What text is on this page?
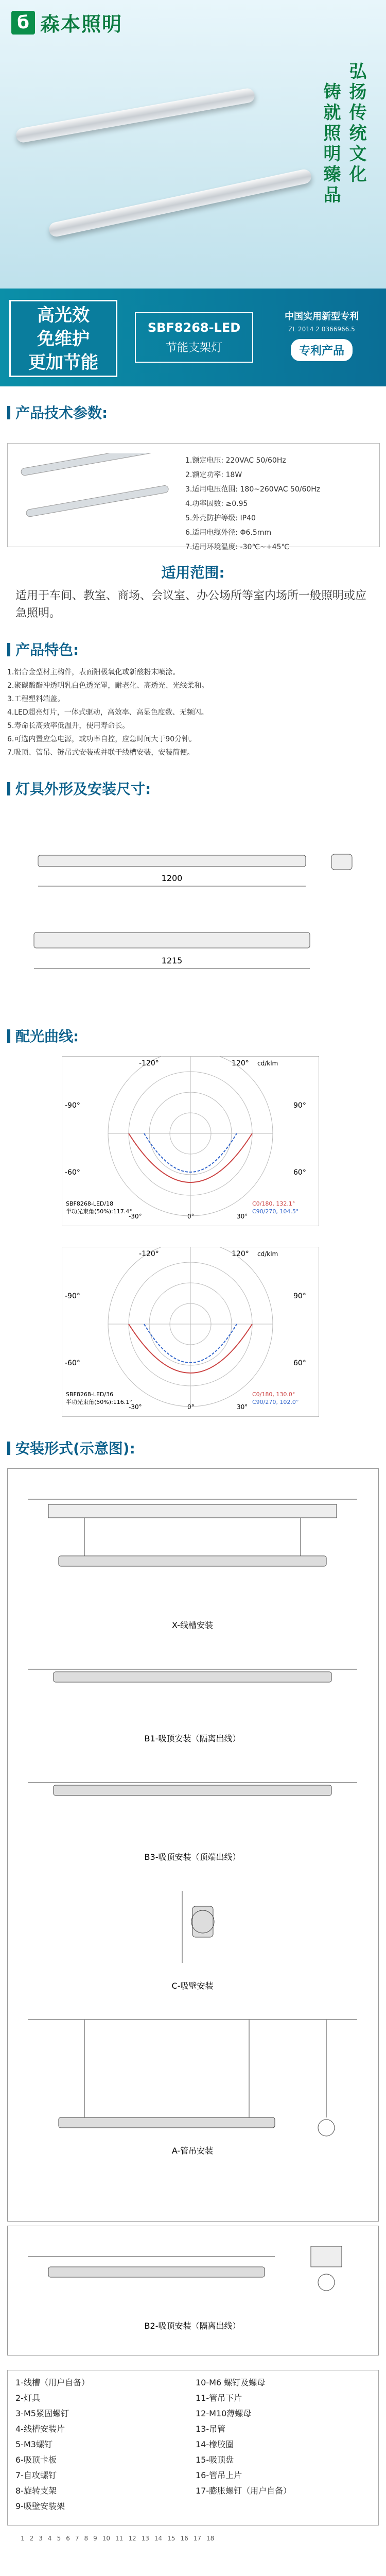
б 森本照明
弘扬传统文化
铸就照明臻品
高光效
免维护
更加节能
SBF8268-LED
节能支架灯
中国实用新型专利
ZL 2014 2 0366966.5
专利产品
产品技术参数:
1.额定电压: 220VAC 50/60Hz
2.额定功率: 18W
3.适用电压范围: 180~260VAC 50/60Hz
4.功率因数: ≥0.95
5.外壳防护等级: IP40
6.适用电缆外径: Φ6.5mm
7.适用环境温度: -30℃~+45℃
适用范围:
适用于车间、教室、商场、会议室、办公场所等室内场所一般照明或应急照明。
产品特色:
1.铝合金型材主构件，表面阳极氧化或新酸粉末喷涂。
2.聚碳酸酯冲透明乳白色透光罩，耐老化、高透光、光线柔和。
3.工程塑料端盖。
4.LED超亮灯片，一体式驱动，高效率、高显色度数、无频闪。
5.寿命长高效率低温升，使用寿命长。
6.可选内置应急电源，或功率自控，应急时间大于90分钟。
7.吸顶、管吊、链吊式安装或并联于线槽安装，安装简便。
灯具外形及安装尺寸:
1200
1215
配光曲线:
-120°	120°
-90°	90°
-60°	60°
-30°	0°	30°
cd/klm
SBF8268-LED/18
半功光束角(50%):117.4°
C0/180, 132.1°
C90/270, 104.5°
-120°	120°
-90°	90°
-60°	60°
-30°	0°	30°
cd/klm
SBF8268-LED/36
半功光束角(50%):116.1°
C0/180, 130.0°
C90/270, 102.0°
安装形式(示意图):
X-线槽安装
B1-吸顶安装（隔离出线）
B3-吸顶安装（顶端出线）
C-吸壁安装
A-管吊安装
B2-吸顶安装（隔离出线）
1-线槽（用户自备）
2-灯具
3-M5紧固螺钉
4-线槽安装片
5-M3螺钉
6-吸顶卡板
7-自攻螺钉
8-旋转支架
9-吸壁安装架
10-M6 螺钉及螺母
11-管吊下片
12-M10薄螺母
13-吊管
14-橡胶圈
15-吸顶盘
16-管吊上片
17-膨胀螺钉（用户自备）
1 2 3 4 5 6 7 8 9 10 11 12 13 14 15 16 17 18
